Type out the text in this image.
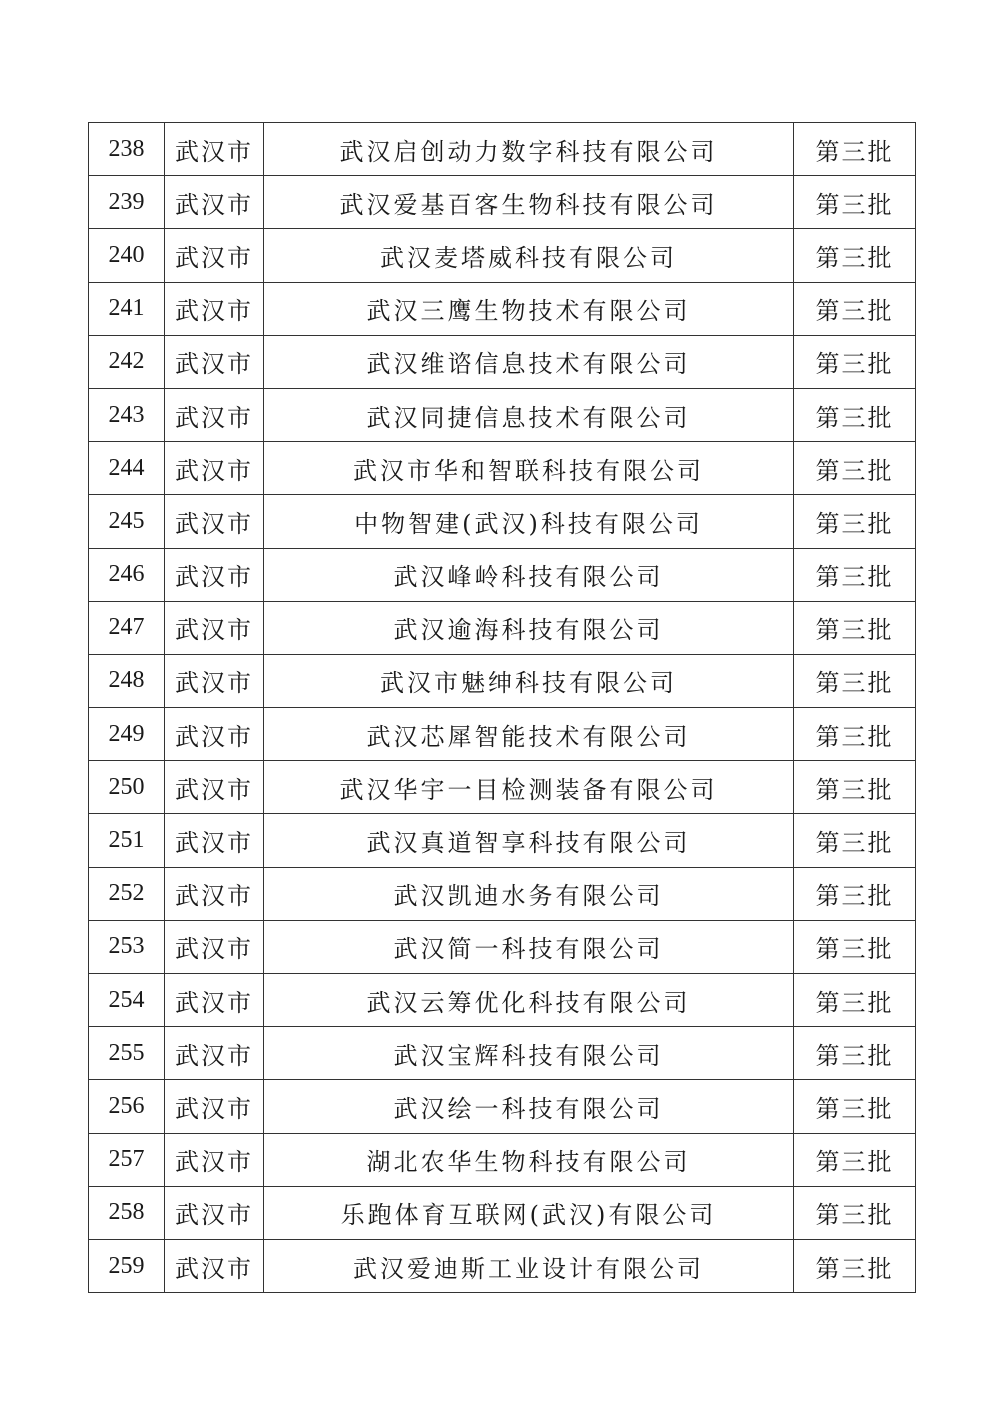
238	武汉市	武汉启创动力数字科技有限公司	第三批
239	武汉市	武汉爱基百客生物科技有限公司	第三批
240	武汉市	武汉麦塔威科技有限公司	第三批
241	武汉市	武汉三鹰生物技术有限公司	第三批
242	武汉市	武汉维谘信息技术有限公司	第三批
243	武汉市	武汉同捷信息技术有限公司	第三批
244	武汉市	武汉市华和智联科技有限公司	第三批
245	武汉市	中物智建(武汉)科技有限公司	第三批
246	武汉市	武汉峰岭科技有限公司	第三批
247	武汉市	武汉逾海科技有限公司	第三批
248	武汉市	武汉市魅绅科技有限公司	第三批
249	武汉市	武汉芯犀智能技术有限公司	第三批
250	武汉市	武汉华宇一目检测装备有限公司	第三批
251	武汉市	武汉真道智享科技有限公司	第三批
252	武汉市	武汉凯迪水务有限公司	第三批
253	武汉市	武汉简一科技有限公司	第三批
254	武汉市	武汉云筹优化科技有限公司	第三批
255	武汉市	武汉宝辉科技有限公司	第三批
256	武汉市	武汉绘一科技有限公司	第三批
257	武汉市	湖北农华生物科技有限公司	第三批
258	武汉市	乐跑体育互联网(武汉)有限公司	第三批
259	武汉市	武汉爱迪斯工业设计有限公司	第三批
